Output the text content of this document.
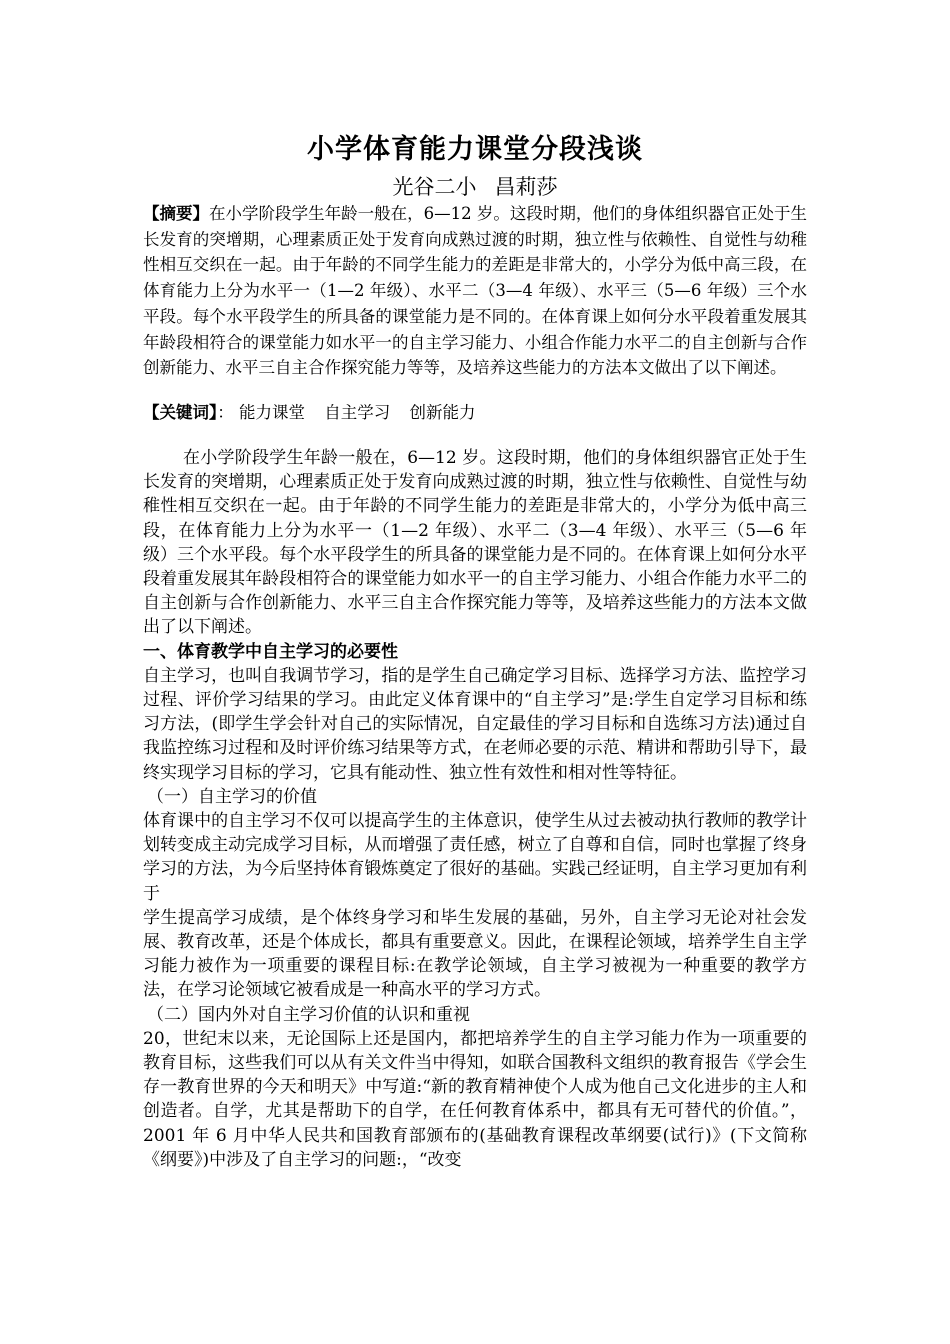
小学体育能力课堂分段浅谈
光谷二小 昌莉莎
【摘要】在小学阶段学生年龄一般在，6—12 岁。这段时期，他们的身体组织器官正处于生长发育的突增期，心理素质正处于发育向成熟过渡的时期，独立性与依赖性、自觉性与幼稚性相互交织在一起。由于年龄的不同学生能力的差距是非常大的，小学分为低中高三段，在体育能力上分为水平一（1—2 年级）、水平二（3—4 年级）、水平三（5—6 年级）三个水平段。每个水平段学生的所具备的课堂能力是不同的。在体育课上如何分水平段着重发展其年龄段相符合的课堂能力如水平一的自主学习能力、小组合作能力水平二的自主创新与合作创新能力、水平三自主合作探究能力等等，及培养这些能力的方法本文做出了以下阐述。
【关键词】： 能力课堂 自主学习 创新能力

在小学阶段学生年龄一般在，6—12 岁。这段时期，他们的身体组织器官正处于生长发育的突增期，心理素质正处于发育向成熟过渡的时期，独立性与依赖性、自觉性与幼稚性相互交织在一起。由于年龄的不同学生能力的差距是非常大的，小学分为低中高三段，在体育能力上分为水平一（1—2 年级）、水平二（3—4 年级）、水平三（5—6 年级）三个水平段。每个水平段学生的所具备的课堂能力是不同的。在体育课上如何分水平段着重发展其年龄段相符合的课堂能力如水平一的自主学习能力、小组合作能力水平二的自主创新与合作创新能力、水平三自主合作探究能力等等，及培养这些能力的方法本文做出了以下阐述。

一、体育教学中自主学习的必要性

自主学习，也叫自我调节学习，指的是学生自己确定学习目标、选择学习方法、监控学习过程、评价学习结果的学习。由此定义体育课中的“自主学习”是:学生自定学习目标和练习方法，(即学生学会针对自己的实际情况，自定最佳的学习目标和自选练习方法)通过自我监控练习过程和及时评价练习结果等方式，在老师必要的示范、精讲和帮助引导下，最终实现学习目标的学习，它具有能动性、独立性有效性和相对性等特征。

（一）自主学习的价值

体育课中的自主学习不仅可以提高学生的主体意识，使学生从过去被动执行教师的教学计划转变成主动完成学习目标，从而增强了责任感，树立了自尊和自信，同时也掌握了终身学习的方法，为今后坚持体育锻炼奠定了很好的基础。实践己经证明，自主学习更加有利于

学生提高学习成绩，是个体终身学习和毕生发展的基础，另外，自主学习无论对社会发展、教育改革，还是个体成长，都具有重要意义。因此，在课程论领域，培养学生自主学习能力被作为一项重要的课程目标:在教学论领域，自主学习被视为一种重要的教学方法，在学习论领域它被看成是一种高水平的学习方式。

（二）国内外对自主学习价值的认识和重视

20，世纪末以来，无论国际上还是国内，都把培养学生的自主学习能力作为一项重要的教育目标，这些我们可以从有关文件当中得知，如联合国教科文组织的教育报告《学会生存一教育世界的今天和明天》中写道:“新的教育精神使个人成为他自己文化进步的主人和创造者。自学，尤其是帮助下的自学，在任何教育体系中，都具有无可替代的价值。”，2001 年 6 月中华人民共和国教育部颁布的(基础教育课程改革纲要(试行)》(下文简称《纲要》)中涉及了自主学习的问题:，“改变
